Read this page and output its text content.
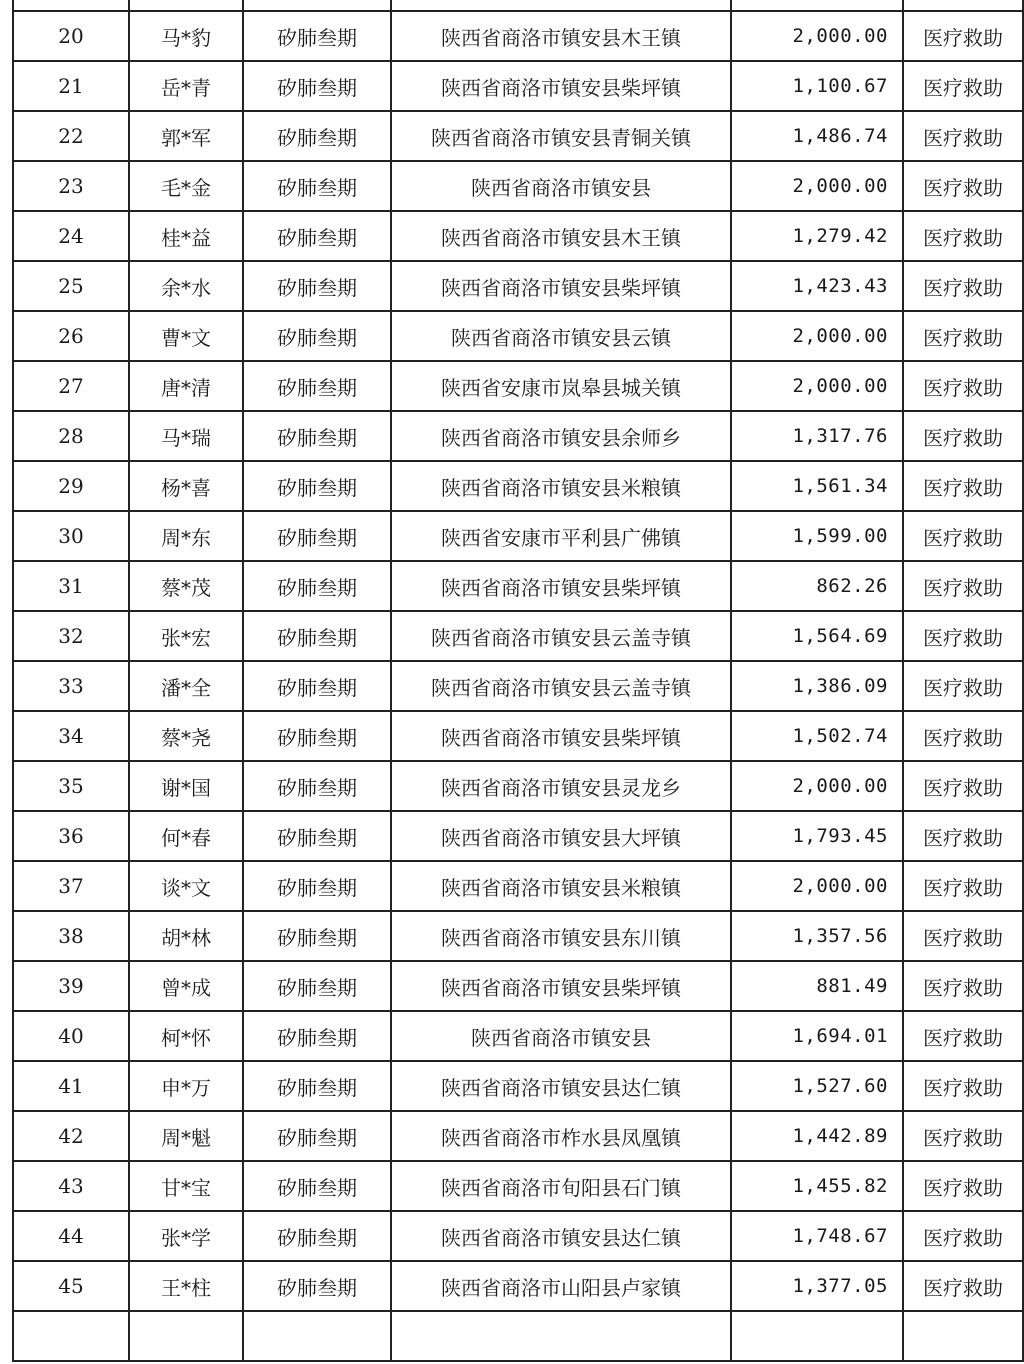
20	马*豹	矽肺叁期	陕西省商洛市镇安县木王镇	2,000.00	医疗救助
21	岳*青	矽肺叁期	陕西省商洛市镇安县柴坪镇	1,100.67	医疗救助
22	郭*军	矽肺叁期	陕西省商洛市镇安县青铜关镇	1,486.74	医疗救助
23	毛*金	矽肺叁期	陕西省商洛市镇安县	2,000.00	医疗救助
24	桂*益	矽肺叁期	陕西省商洛市镇安县木王镇	1,279.42	医疗救助
25	余*水	矽肺叁期	陕西省商洛市镇安县柴坪镇	1,423.43	医疗救助
26	曹*文	矽肺叁期	陕西省商洛市镇安县云镇	2,000.00	医疗救助
27	唐*清	矽肺叁期	陕西省安康市岚皋县城关镇	2,000.00	医疗救助
28	马*瑞	矽肺叁期	陕西省商洛市镇安县余师乡	1,317.76	医疗救助
29	杨*喜	矽肺叁期	陕西省商洛市镇安县米粮镇	1,561.34	医疗救助
30	周*东	矽肺叁期	陕西省安康市平利县广佛镇	1,599.00	医疗救助
31	蔡*茂	矽肺叁期	陕西省商洛市镇安县柴坪镇	862.26	医疗救助
32	张*宏	矽肺叁期	陕西省商洛市镇安县云盖寺镇	1,564.69	医疗救助
33	潘*全	矽肺叁期	陕西省商洛市镇安县云盖寺镇	1,386.09	医疗救助
34	蔡*尧	矽肺叁期	陕西省商洛市镇安县柴坪镇	1,502.74	医疗救助
35	谢*国	矽肺叁期	陕西省商洛市镇安县灵龙乡	2,000.00	医疗救助
36	何*春	矽肺叁期	陕西省商洛市镇安县大坪镇	1,793.45	医疗救助
37	谈*文	矽肺叁期	陕西省商洛市镇安县米粮镇	2,000.00	医疗救助
38	胡*林	矽肺叁期	陕西省商洛市镇安县东川镇	1,357.56	医疗救助
39	曾*成	矽肺叁期	陕西省商洛市镇安县柴坪镇	881.49	医疗救助
40	柯*怀	矽肺叁期	陕西省商洛市镇安县	1,694.01	医疗救助
41	申*万	矽肺叁期	陕西省商洛市镇安县达仁镇	1,527.60	医疗救助
42	周*魁	矽肺叁期	陕西省商洛市柞水县凤凰镇	1,442.89	医疗救助
43	甘*宝	矽肺叁期	陕西省商洛市旬阳县石门镇	1,455.82	医疗救助
44	张*学	矽肺叁期	陕西省商洛市镇安县达仁镇	1,748.67	医疗救助
45	王*柱	矽肺叁期	陕西省商洛市山阳县卢家镇	1,377.05	医疗救助
